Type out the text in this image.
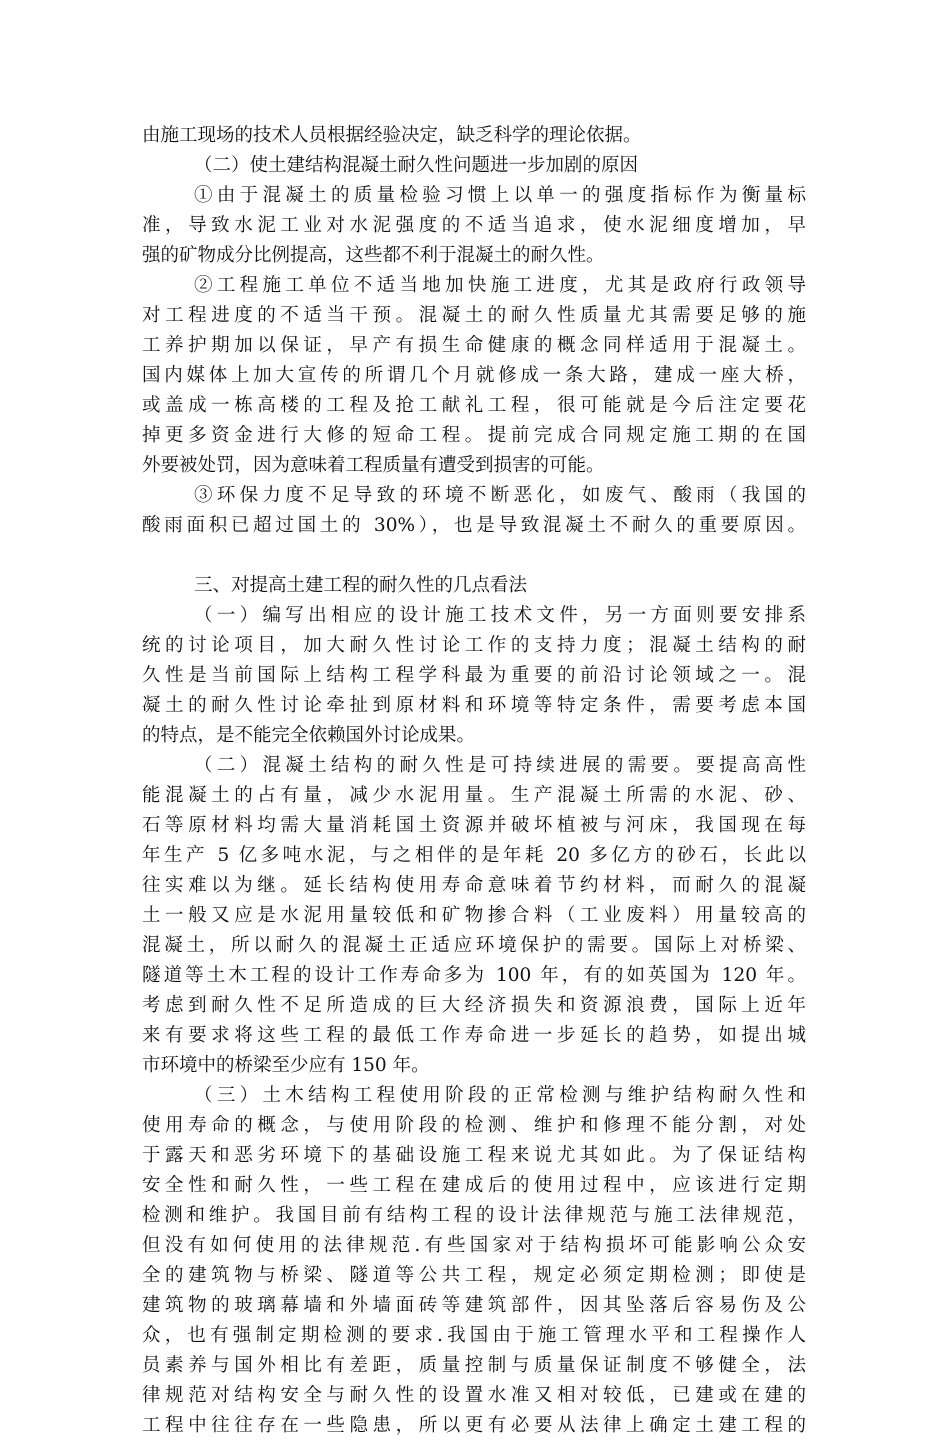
由施工现场的技术人员根据经验决定，缺乏科学的理论依据。
（二）使土建结构混凝土耐久性问题进一步加剧的原因
①由于混凝土的质量检验习惯上以单一的强度指标作为衡量标
准，导致水泥工业对水泥强度的不适当追求，使水泥细度增加，早
强的矿物成分比例提高，这些都不利于混凝土的耐久性。
②工程施工单位不适当地加快施工进度，尤其是政府行政领导
对工程进度的不适当干预。混凝土的耐久性质量尤其需要足够的施
工养护期加以保证，早产有损生命健康的概念同样适用于混凝土。
国内媒体上加大宣传的所谓几个月就修成一条大路，建成一座大桥，
或盖成一栋高楼的工程及抢工献礼工程，很可能就是今后注定要花
掉更多资金进行大修的短命工程。提前完成合同规定施工期的在国
外要被处罚，因为意味着工程质量有遭受到损害的可能。
③环保力度不足导致的环境不断恶化，如废气、酸雨（我国的
酸雨面积已超过国土的 30%），也是导致混凝土不耐久的重要原因。
三、对提高土建工程的耐久性的几点看法
（一）编写出相应的设计施工技术文件，另一方面则要安排系
统的讨论项目，加大耐久性讨论工作的支持力度；混凝土结构的耐
久性是当前国际上结构工程学科最为重要的前沿讨论领域之一。混
凝土的耐久性讨论牵扯到原材料和环境等特定条件，需要考虑本国
的特点，是不能完全依赖国外讨论成果。
（二）混凝土结构的耐久性是可持续进展的需要。要提高高性
能混凝土的占有量，减少水泥用量。生产混凝土所需的水泥、砂、
石等原材料均需大量消耗国土资源并破坏植被与河床，我国现在每
年生产 5 亿多吨水泥，与之相伴的是年耗 20 多亿方的砂石，长此以
往实难以为继。延长结构使用寿命意味着节约材料，而耐久的混凝
土一般又应是水泥用量较低和矿物掺合料（工业废料）用量较高的
混凝土，所以耐久的混凝土正适应环境保护的需要。国际上对桥梁、
隧道等土木工程的设计工作寿命多为 100 年，有的如英国为 120 年。
考虑到耐久性不足所造成的巨大经济损失和资源浪费，国际上近年
来有要求将这些工程的最低工作寿命进一步延长的趋势，如提出城
市环境中的桥梁至少应有 150 年。
（三）土木结构工程使用阶段的正常检测与维护结构耐久性和
使用寿命的概念，与使用阶段的检测、维护和修理不能分割，对处
于露天和恶劣环境下的基础设施工程来说尤其如此。为了保证结构
安全性和耐久性，一些工程在建成后的使用过程中，应该进行定期
检测和维护。我国目前有结构工程的设计法律规范与施工法律规范，
但没有如何使用的法律规范.有些国家对于结构损坏可能影响公众安
全的建筑物与桥梁、隧道等公共工程，规定必须定期检测；即使是
建筑物的玻璃幕墙和外墙面砖等建筑部件，因其坠落后容易伤及公
众，也有强制定期检测的要求.我国由于施工管理水平和工程操作人
员素养与国外相比有差距，质量控制与质量保证制度不够健全，法
律规范对结构安全与耐久性的设置水准又相对较低，已建或在建的
工程中往往存在一些隐患，所以更有必要从法律上确定土建工程的
